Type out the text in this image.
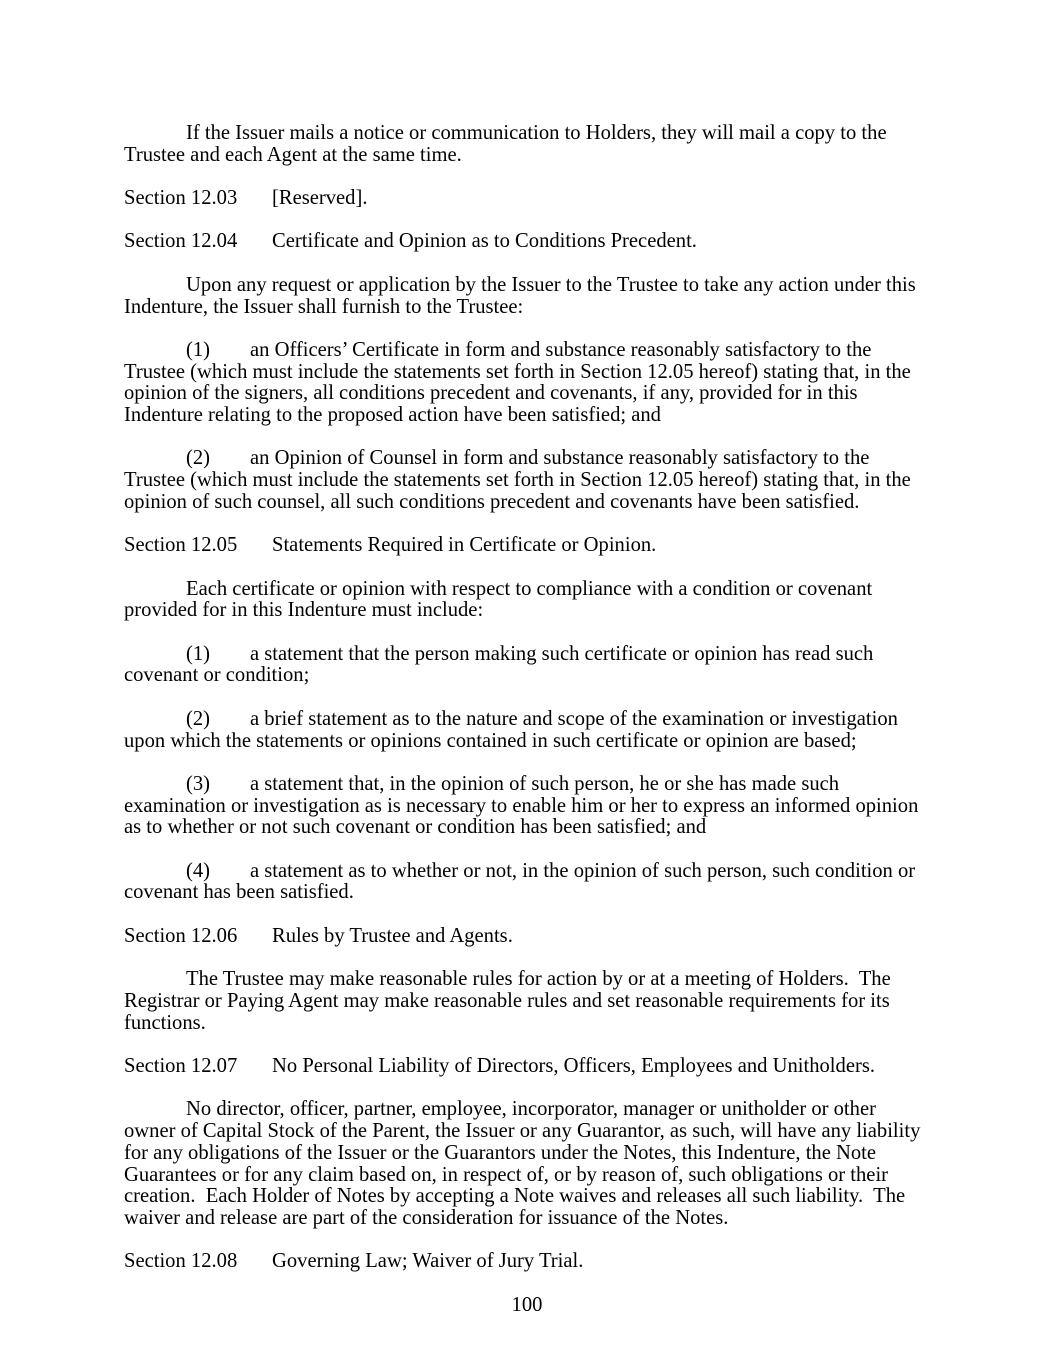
If the Issuer mails a notice or communication to Holders, they will mail a copy to the Trustee and each Agent at the same time.

Section 12.03 [Reserved].

Section 12.04 Certificate and Opinion as to Conditions Precedent.

Upon any request or application by the Issuer to the Trustee to take any action under this Indenture, the Issuer shall furnish to the Trustee:

(1) an Officers’ Certificate in form and substance reasonably satisfactory to the Trustee (which must include the statements set forth in Section 12.05 hereof) stating that, in the opinion of the signers, all conditions precedent and covenants, if any, provided for in this Indenture relating to the proposed action have been satisfied; and

(2) an Opinion of Counsel in form and substance reasonably satisfactory to the Trustee (which must include the statements set forth in Section 12.05 hereof) stating that, in the opinion of such counsel, all such conditions precedent and covenants have been satisfied.

Section 12.05 Statements Required in Certificate or Opinion.

Each certificate or opinion with respect to compliance with a condition or covenant provided for in this Indenture must include:

(1) a statement that the person making such certificate or opinion has read such covenant or condition;

(2) a brief statement as to the nature and scope of the examination or investigation upon which the statements or opinions contained in such certificate or opinion are based;

(3) a statement that, in the opinion of such person, he or she has made such examination or investigation as is necessary to enable him or her to express an informed opinion as to whether or not such covenant or condition has been satisfied; and

(4) a statement as to whether or not, in the opinion of such person, such condition or covenant has been satisfied.

Section 12.06 Rules by Trustee and Agents.

The Trustee may make reasonable rules for action by or at a meeting of Holders.  The Registrar or Paying Agent may make reasonable rules and set reasonable requirements for its functions.

Section 12.07 No Personal Liability of Directors, Officers, Employees and Unitholders.

No director, officer, partner, employee, incorporator, manager or unitholder or other owner of Capital Stock of the Parent, the Issuer or any Guarantor, as such, will have any liability for any obligations of the Issuer or the Guarantors under the Notes, this Indenture, the Note Guarantees or for any claim based on, in respect of, or by reason of, such obligations or their creation.  Each Holder of Notes by accepting a Note waives and releases all such liability.  The waiver and release are part of the consideration for issuance of the Notes.

Section 12.08 Governing Law; Waiver of Jury Trial.

100
